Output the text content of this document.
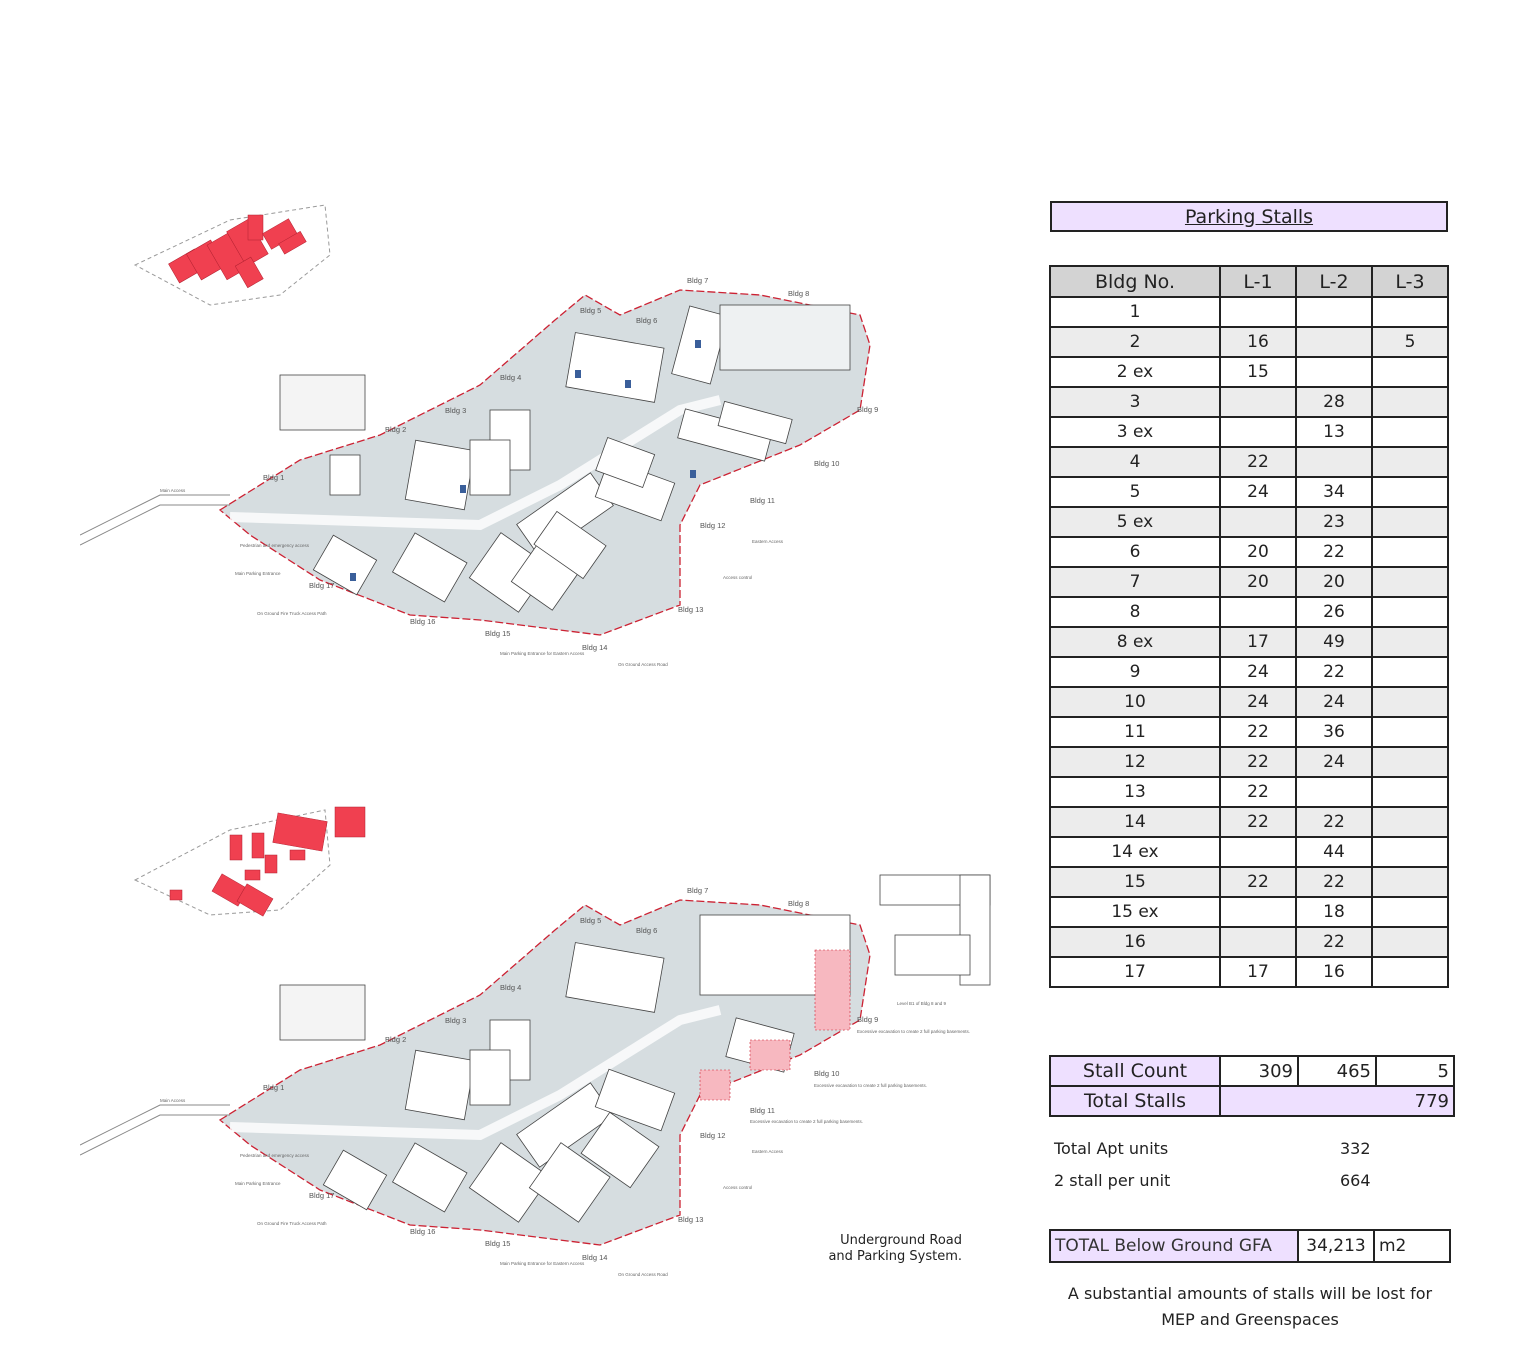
Bldg 1
Bldg 2
Bldg 3
Bldg 4
Bldg 5
Bldg 6
Bldg 7
Bldg 8
Bldg 9
Bldg 10
Bldg 11
Bldg 12
Bldg 13
Bldg 14
Bldg 15
Bldg 16
Bldg 17
Main Access
Pedestrian and emergency access
Main Parking Entrance
On Ground Fire Truck Access Path
Eastern Access
Access control
Main Parking Entrance for Eastern Access
On Ground Access Road
Level B1 of Bldg 8 and 9
Bldg 1
Bldg 2
Bldg 3
Bldg 4
Bldg 5
Bldg 6
Bldg 7
Bldg 8
Bldg 9
Bldg 10
Bldg 11
Bldg 12
Bldg 13
Bldg 14
Bldg 15
Bldg 16
Bldg 17
Main Access
Pedestrian and emergency access
Main Parking Entrance
On Ground Fire Truck Access Path
Eastern Access
Access control
Main Parking Entrance for Eastern Access
On Ground Access Road
Excessive excavation to create 2 full parking basements.
Excessive excavation to create 2 full parking basements.
Excessive excavation to create 2 full parking basements.
Underground Road and Parking System.
Parking Stalls
Bldg No.	L-1	L-2	L-3
1			
2	16		5
2 ex	15		
3		28	
3 ex		13	
4	22		
5	24	34	
5 ex		23	
6	20	22	
7	20	20	
8		26	
8 ex	17	49	
9	24	22	
10	24	24	
11	22	36	
12	22	24	
13	22		
14	22	22	
14 ex		44	
15	22	22	
15 ex		18	
16		22	
17	17	16	
Stall Count	309	465	5
Total Stalls	779		
Total Apt units	332
2 stall per unit	664
TOTAL Below Ground GFA	34,213	m2
A substantial amounts of stalls will be lost for MEP and Greenspaces
